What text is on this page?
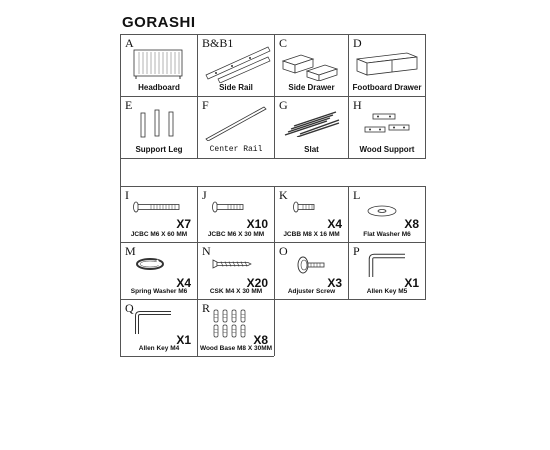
GORASHI
A
Headboard
B&B1
Side Rail
C
Side Drawer
D
Footboard Drawer
E
Support Leg
F
Center Rail
G
Slat
H
Wood Support
I
X7
JCBC M6 X 60 MM
J
X10
JCBC M6 X 30 MM
K
X4
JCBB M8 X 16 MM
L
X8
Flat Washer M6
M
X4
Spring Washer M6
N
X20
CSK M4 X 30 MM
O
X3
Adjuster Screw
P
X1
Allen Key M5
Q
X1
Allen Key M4
R
X8
Wood Base M8 X 30MM
